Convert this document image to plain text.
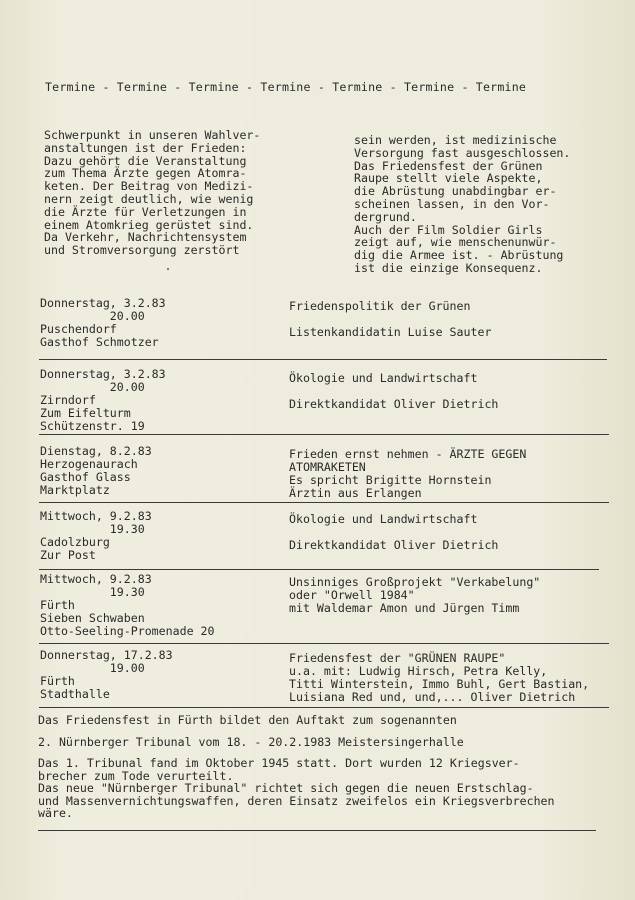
Termine - Termine - Termine - Termine - Termine - Termine - Termine
Schwerpunkt in unseren Wahlver-
anstaltungen ist der Frieden:
Dazu gehört die Veranstaltung
zum Thema Ärzte gegen Atomra-
keten. Der Beitrag von Medizi-
nern zeigt deutlich, wie wenig
die Ärzte für Verletzungen in
einem Atomkrieg gerüstet sind.
Da Verkehr, Nachrichtensystem
und Stromversorgung zerstört
sein werden, ist medizinische
Versorgung fast ausgeschlossen.
Das Friedensfest der Grünen
Raupe stellt viele Aspekte,
die Abrüstung unabdingbar er-
scheinen lassen, in den Vor-
dergrund.
Auch der Film Soldier Girls
zeigt auf, wie menschenunwür-
dig die Armee ist. - Abrüstung
ist die einzige Konsequenz.
Donnerstag, 3.2.83
20.00
Puschendorf
Gasthof Schmotzer
Friedenspolitik der Grünen

Listenkandidatin Luise Sauter
Donnerstag, 3.2.83
20.00
Zirndorf
Zum Eifelturm
Schützenstr. 19
Ökologie und Landwirtschaft

Direktkandidat Oliver Dietrich
Dienstag, 8.2.83
Herzogenaurach
Gasthof Glass
Marktplatz
Frieden ernst nehmen - ÄRZTE GEGEN
ATOMRAKETEN
Es spricht Brigitte Hornstein
Ärztin aus Erlangen
Mittwoch, 9.2.83
19.30
Cadolzburg
Zur Post
Ökologie und Landwirtschaft

Direktkandidat Oliver Dietrich
Mittwoch, 9.2.83
19.30
Fürth
Sieben Schwaben
Otto-Seeling-Promenade 20
Unsinniges Großprojekt "Verkabelung"
oder "Orwell 1984"
mit Waldemar Amon und Jürgen Timm
Donnerstag, 17.2.83
19.00
Fürth
Stadthalle
Friedensfest der "GRÜNEN RAUPE"
u.a. mit: Ludwig Hirsch, Petra Kelly,
Titti Winterstein, Immo Buhl, Gert Bastian,
Luisiana Red und, und,... Oliver Dietrich
Das Friedensfest in Fürth bildet den Auftakt zum sogenannten
2. Nürnberger Tribunal vom 18. - 20.2.1983 Meistersingerhalle
Das 1. Tribunal fand im Oktober 1945 statt. Dort wurden 12 Kriegsver-
brecher zum Tode verurteilt.
Das neue "Nürnberger Tribunal" richtet sich gegen die neuen Erstschlag-
und Massenvernichtungswaffen, deren Einsatz zweifelos ein Kriegsverbrechen
wäre.
